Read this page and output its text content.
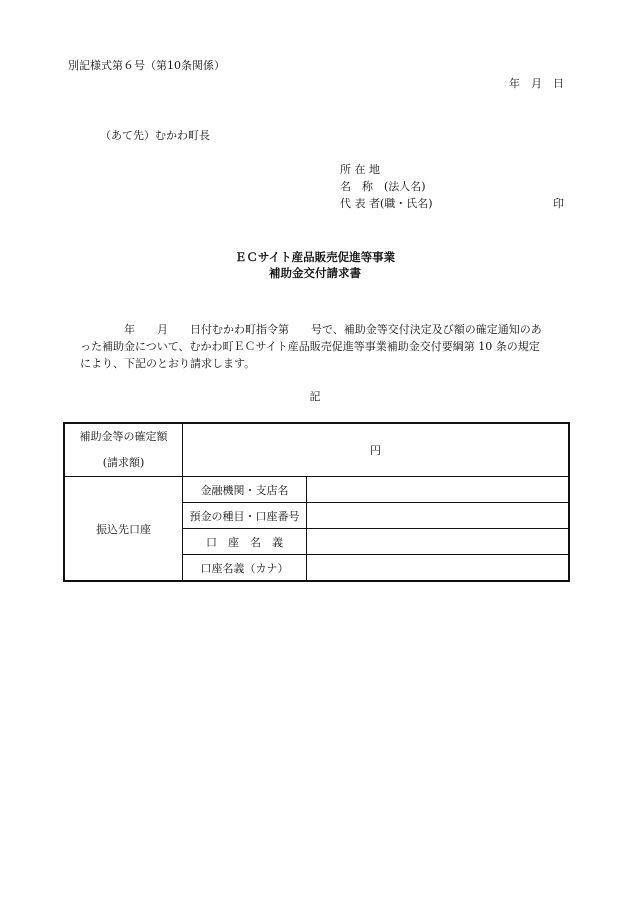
別記様式第６号（第10条関係）
年　月　日
（あて先）むかわ町長
所 在 地
名　称　(法人名)
代 表 者(職・氏名)	印
ＥＣサイト産品販売促進等事業
補助金交付請求書
　　　　年　　月　　日付むかわ町指令第　　号で、補助金等交付決定及び額の確定通知のあ
った補助金について、むかわ町ＥＣサイト産品販売促進等事業補助金交付要綱第 10 条の規定
により、下記のとおり請求します。
記
補助金等の確定額
(請求額)	円	
振込先口座	金融機関・支店名	
	預金の種目・口座番号	
	口　座　名　義	
	口座名義（カナ）	
